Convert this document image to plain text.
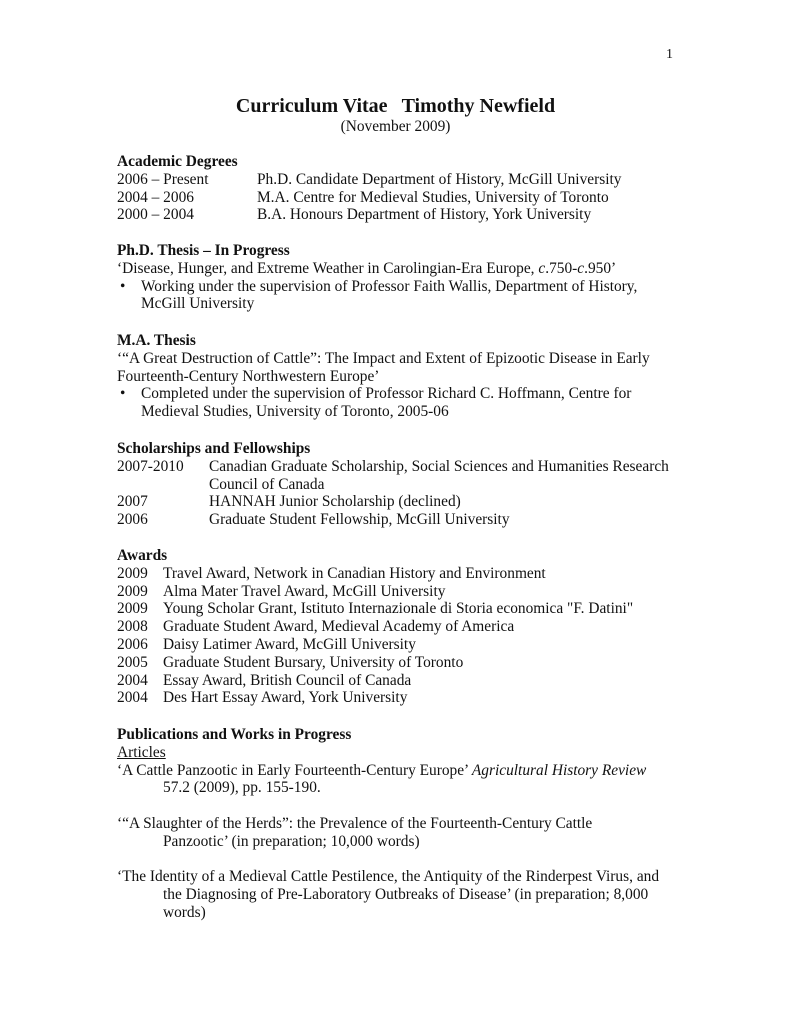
1
Curriculum Vitae Timothy Newfield
(November 2009)
Academic Degrees
2006 – Present	Ph.D. Candidate Department of History, McGill University
2004 – 2006	M.A. Centre for Medieval Studies, University of Toronto
2000 – 2004	B.A. Honours Department of History, York University
Ph.D. Thesis – In Progress
‘Disease, Hunger, and Extreme Weather in Carolingian-Era Europe, c.750-c.950’
•	Working under the supervision of Professor Faith Wallis, Department of History, McGill University
M.A. Thesis
‘“A Great Destruction of Cattle”: The Impact and Extent of Epizootic Disease in Early Fourteenth-Century Northwestern Europe’
•	Completed under the supervision of Professor Richard C. Hoffmann, Centre for Medieval Studies, University of Toronto, 2005-06
Scholarships and Fellowships
2007-2010	Canadian Graduate Scholarship, Social Sciences and Humanities Research Council of Canada
2007	HANNAH Junior Scholarship (declined)
2006	Graduate Student Fellowship, McGill University
Awards
2009 Travel Award, Network in Canadian History and Environment
2009 Alma Mater Travel Award, McGill University
2009 Young Scholar Grant, Istituto Internazionale di Storia economica "F. Datini"
2008 Graduate Student Award, Medieval Academy of America
2006 Daisy Latimer Award, McGill University
2005 Graduate Student Bursary, University of Toronto
2004 Essay Award, British Council of Canada
2004 Des Hart Essay Award, York University
Publications and Works in Progress
Articles
‘A Cattle Panzootic in Early Fourteenth-Century Europe’ Agricultural History Review 57.2 (2009), pp. 155-190.
‘“A Slaughter of the Herds”: the Prevalence of the Fourteenth-Century Cattle Panzootic’ (in preparation; 10,000 words)
‘The Identity of a Medieval Cattle Pestilence, the Antiquity of the Rinderpest Virus, and the Diagnosing of Pre-Laboratory Outbreaks of Disease’ (in preparation; 8,000 words)
